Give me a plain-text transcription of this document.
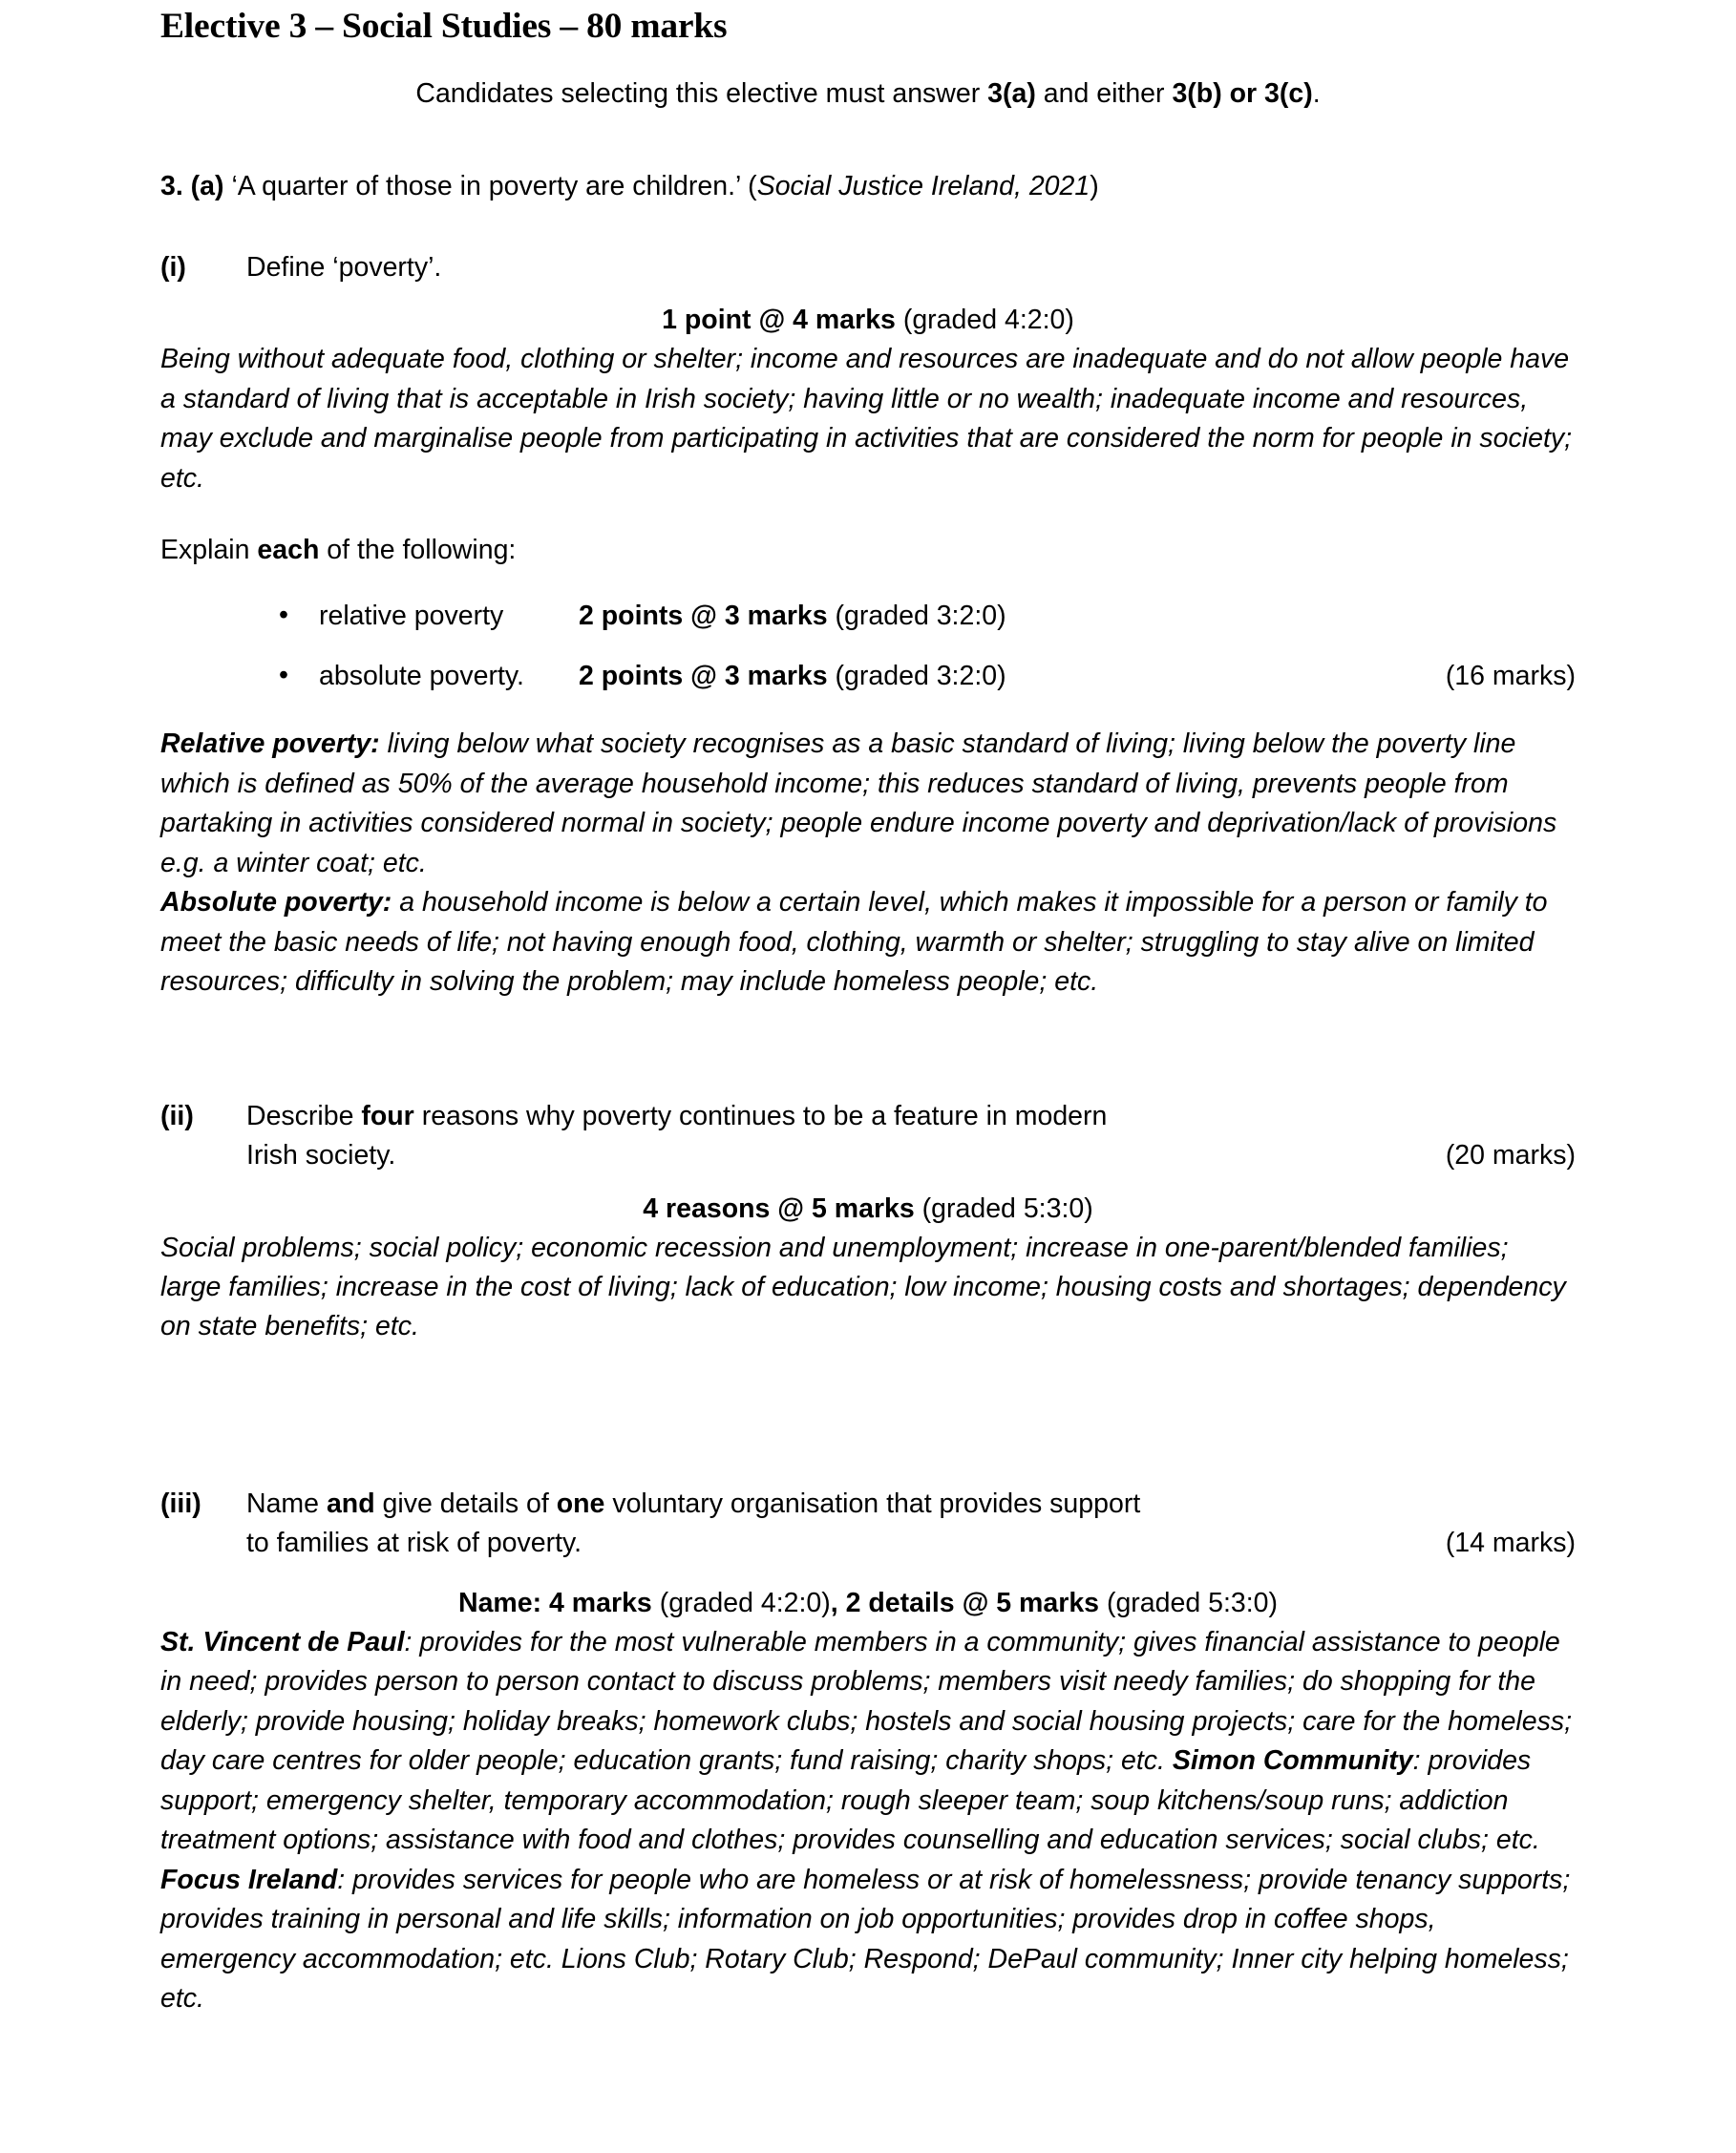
Elective 3 – Social Studies – 80 marks

Candidates selecting this elective must answer 3(a) and either 3(b) or 3(c).

3. (a) ‘A quarter of those in poverty are children.’ (Social Justice Ireland, 2021)

(i)	Define ‘poverty’.

1 point @ 4 marks (graded 4:2:0)

Being without adequate food, clothing or shelter; income and resources are inadequate and do not allow people have a standard of living that is acceptable in Irish society; having little or no wealth; inadequate income and resources, may exclude and marginalise people from participating in activities that are considered the norm for people in society; etc.

Explain each of the following:

• relative poverty	2 points @ 3 marks (graded 3:2:0)
• absolute poverty. 2 points @ 3 marks (graded 3:2:0)	(16 marks)

Relative poverty: living below what society recognises as a basic standard of living; living below the poverty line which is defined as 50% of the average household income; this reduces standard of living, prevents people from partaking in activities considered normal in society; people endure income poverty and deprivation/lack of provisions e.g. a winter coat; etc.

Absolute poverty: a household income is below a certain level, which makes it impossible for a person or family to meet the basic needs of life; not having enough food, clothing, warmth or shelter; struggling to stay alive on limited resources; difficulty in solving the problem; may include homeless people; etc.

(ii)	Describe four reasons why poverty continues to be a feature in modern
Irish society.	(20 marks)

4 reasons @ 5 marks (graded 5:3:0)

Social problems; social policy; economic recession and unemployment; increase in one-parent/blended families; large families; increase in the cost of living; lack of education; low income; housing costs and shortages; dependency on state benefits; etc.

(iii)	Name and give details of one voluntary organisation that provides support
to families at risk of poverty.	(14 marks)

Name: 4 marks (graded 4:2:0), 2 details @ 5 marks (graded 5:3:0)

St. Vincent de Paul: provides for the most vulnerable members in a community; gives financial assistance to people in need; provides person to person contact to discuss problems; members visit needy families; do shopping for the elderly; provide housing; holiday breaks; homework clubs; hostels and social housing projects; care for the homeless; day care centres for older people; education grants; fund raising; charity shops; etc. Simon Community: provides support; emergency shelter, temporary accommodation; rough sleeper team; soup kitchens/soup runs; addiction treatment options; assistance with food and clothes; provides counselling and education services; social clubs; etc. Focus Ireland: provides services for people who are homeless or at risk of homelessness; provide tenancy supports; provides training in personal and life skills; information on job opportunities; provides drop in coffee shops, emergency accommodation; etc. Lions Club; Rotary Club; Respond; DePaul community; Inner city helping homeless; etc.
